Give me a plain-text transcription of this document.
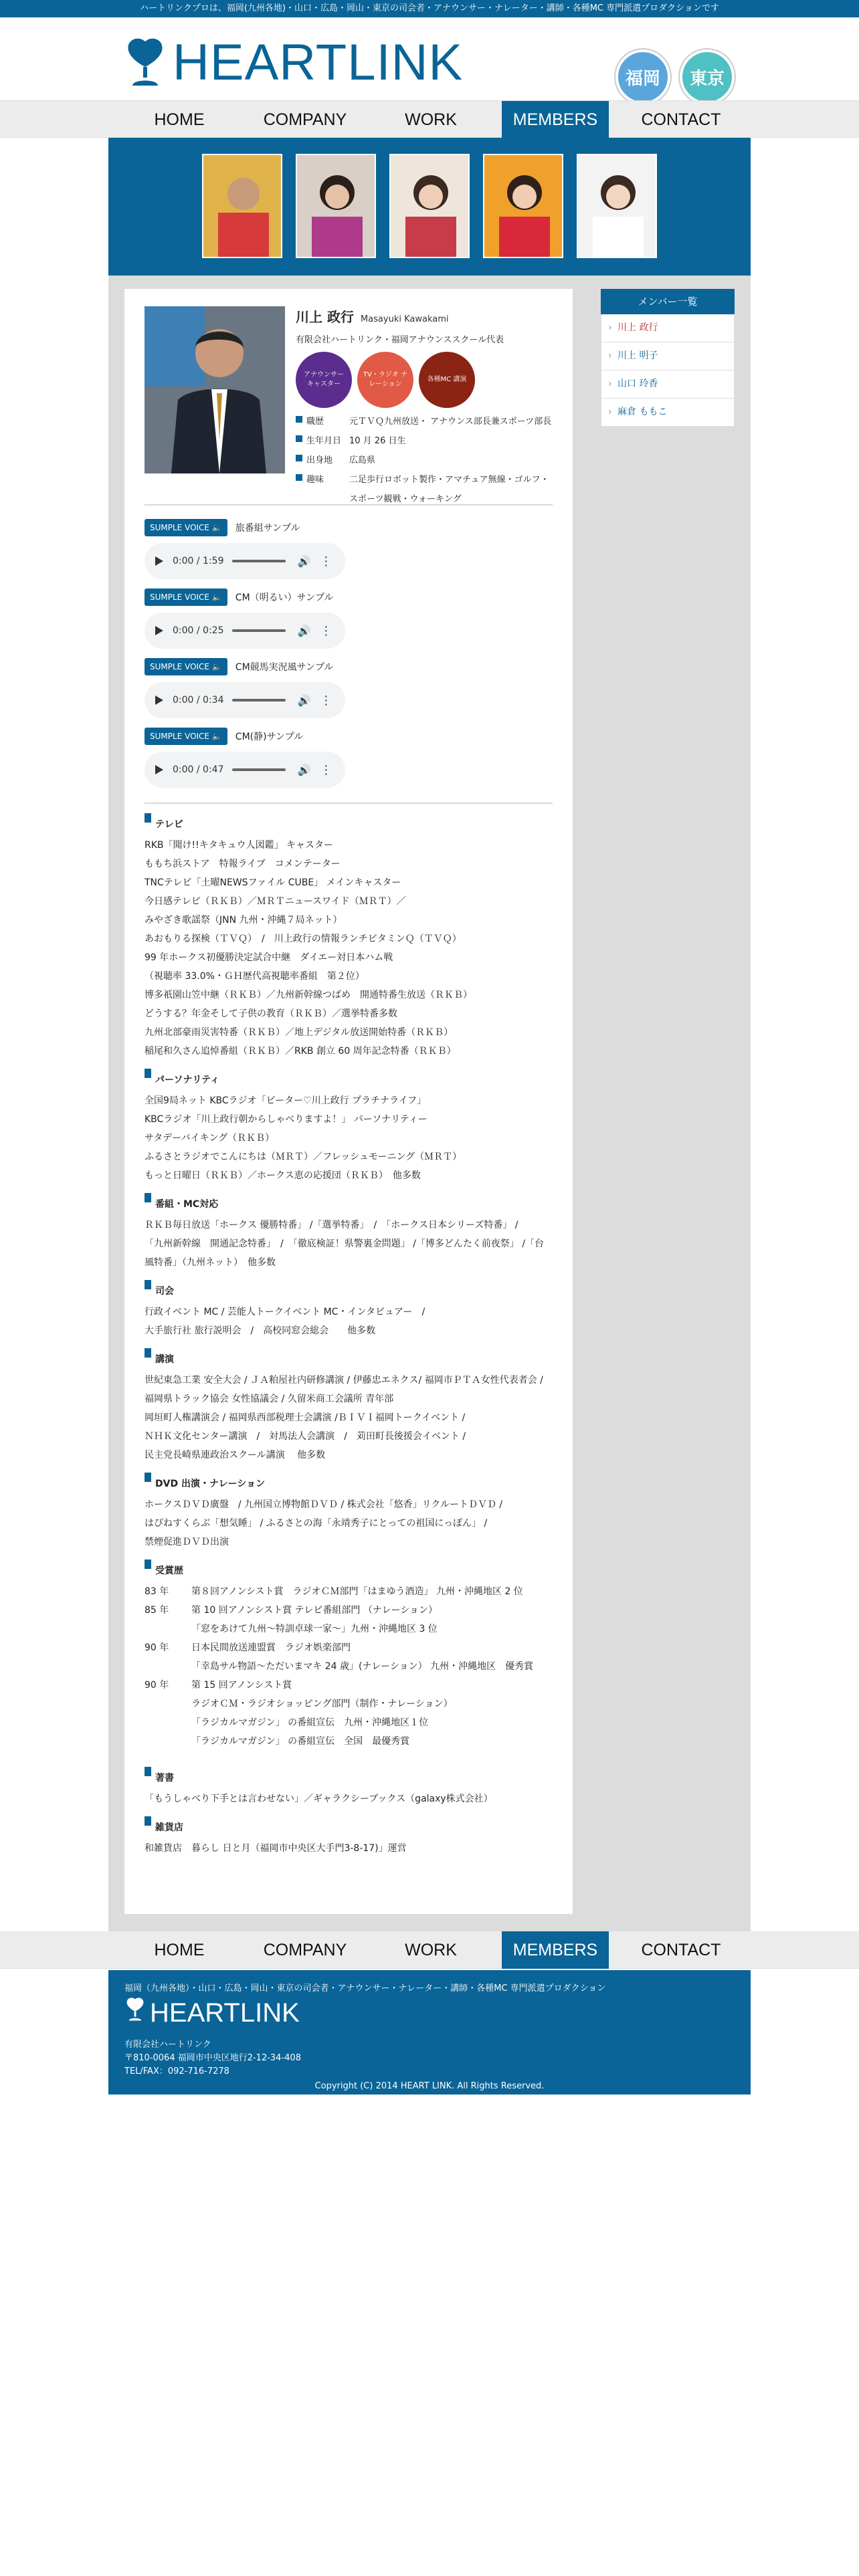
ハートリンクプロは、福岡(九州各地)・山口・広島・岡山・東京の司会者・アナウンサー・ナレーター・講師・各種MC 専門派遣プロダクションです
HEARTLINK	福岡	東京
HOME	COMPANY	WORK	MEMBERS	CONTACT
川上 政行 Masayuki Kawakami
有限会社ハートリンク・福岡アナウンススクール代表
アナウンサー キャスター
TV・ラジオ ナレーション
各種MC 講演
職歴	元ＴＶＱ九州放送・ アナウンス部長兼スポーツ部長
生年月日 10 月 26 日生
出身地	広島県
趣味	二足歩行ロボット製作・アマチュア無線・ゴルフ・スポーツ観戦・ウォーキング
SUMPLE VOICE 🔈	旅番組サンプル
0:00 / 1:59	🔊 ⋮
SUMPLE VOICE 🔈	CM（明るい）サンプル
0:00 / 0:25	🔊 ⋮
SUMPLE VOICE 🔈	CM競馬実況風サンプル
0:00 / 0:34	🔊 ⋮
SUMPLE VOICE 🔈	CM(静)サンプル
0:00 / 0:47	🔊 ⋮
テレビ
RKB「聞け!!キタキュウ人図鑑」 キャスター
ももち浜ストア　特報ライブ　コメンテーター
TNCテレビ「土曜NEWSファイル CUBE」 メインキャスター
今日感テレビ（ＲＫＢ）／ＭＲＴニュースワイド（ＭＲＴ）／
みやざき歌謡祭（JNN 九州・沖縄７局ネット）
あおもりる探検（ＴＶＱ）　/　川上政行の情報ランチビタミンＱ（ＴＶＱ）
99 年ホークス初優勝決定試合中継　ダイエー対日本ハム戦
（視聴率 33.0%・ＧＨ歴代高視聴率番組　第２位）
博多祇園山笠中継（ＲＫＢ）／九州新幹線つばめ　開通特番生放送（ＲＫＢ）
どうする？年金そして子供の教育（ＲＫＢ）／選挙特番多数
九州北部豪雨災害特番（ＲＫＢ）／地上デジタル放送開始特番（ＲＫＢ）
稲尾和久さん追悼番組（ＲＫＢ）／RKB 創立 60 周年記念特番（ＲＫＢ）
パーソナリティ
全国9局ネット KBCラジオ「ピーター♡川上政行 プラチナライフ」
KBCラジオ「川上政行朝からしゃべりますよ！」 パーソナリティー
サタデーバイキング（ＲＫＢ）
ふるさとラジオでこんにちは（ＭＲＴ）／フレッシュモーニング（ＭＲＴ）
もっと日曜日（ＲＫＢ）／ホークス恵の応援団（ＲＫＢ）　他多数
番組・MC対応
ＲＫＢ毎日放送「ホークス 優勝特番」 /「選挙特番」　/　「ホークス日本シリーズ特番」 /
「九州新幹線　開通記念特番」　/　「徹底検証！県警裏金問題」 /「博多どんたく前夜祭」 /「台
風特番」（九州ネット）　他多数
司会
行政イベント MC / 芸能人トークイベント MC・インタビュアー　/
大手旅行社 旅行説明会　/　高校同窓会総会　　他多数
講演
世紀東急工業 安全大会 / ＪＡ粕屋社内研修講演 / 伊藤忠エネクス/ 福岡市ＰＴＡ女性代表者会 /
福岡県トラック協会 女性協議会 / 久留米商工会議所 青年部
岡垣町人権講演会 / 福岡県西部税理士会講演 /ＢＩＶＩ福岡トークイベント /
ＮＨＫ文化センター講演　/　対馬法人会講演　/　苅田町長後援会イベント /
民主党長崎県連政治スクール講演　 他多数
DVD 出演・ナレーション
ホークスＤＶＤ廣盤　/ 九州国立博物館ＤＶＤ / 株式会社「悠香」リクルートＤＶＤ /
はぴねすくらぶ「想気睡」 / ふるさとの海「永靖秀子にとっての祖国にっぽん」 /
禁煙促進ＤＶＤ出演
受賞歴
83 年	第８回アノンシスト賞　ラジオＣＭ部門「はまゆう酒造」 九州・沖縄地区 2 位
85 年	第 10 回アノンシスト賞 テレビ番組部門 （ナレーション）
「窓をあけて九州〜特訓卓球一家〜」九州・沖縄地区 3 位
90 年	日本民間放送連盟賞　ラジオ娯楽部門
「幸島サル物語〜ただいまマキ 24 歳」(ナレーション） 九州・沖縄地区　優秀賞
90 年	第 15 回アノンシスト賞
ラジオＣＭ・ラジオショッピング部門（制作・ナレーション）
「ラジカルマガジン」 の番組宣伝　九州・沖縄地区１位
「ラジカルマガジン」 の番組宣伝　全国　最優秀賞
著書
「もうしゃべり下手とは言わせない」／ギャラクシーブックス（galaxy株式会社）
雑貨店
和雑貨店　暮らし 日と月（福岡市中央区大手門3-8-17)」運営
メンバー一覧
› 川上 政行
› 川上 明子
› 山口 玲香
› 麻倉 ももこ
HOME	COMPANY	WORK	MEMBERS	CONTACT
福岡（九州各地）・山口・広島・岡山・東京の司会者・アナウンサー・ナレーター・講師・各種MC 専門派遣プロダクション
HEARTLINK
有限会社ハートリンク
〒810-0064 福岡市中央区地行2-12-34-408
TEL/FAX：092-716-7278
Copyright (C) 2014 HEART LINK. All Rights Reserved.
